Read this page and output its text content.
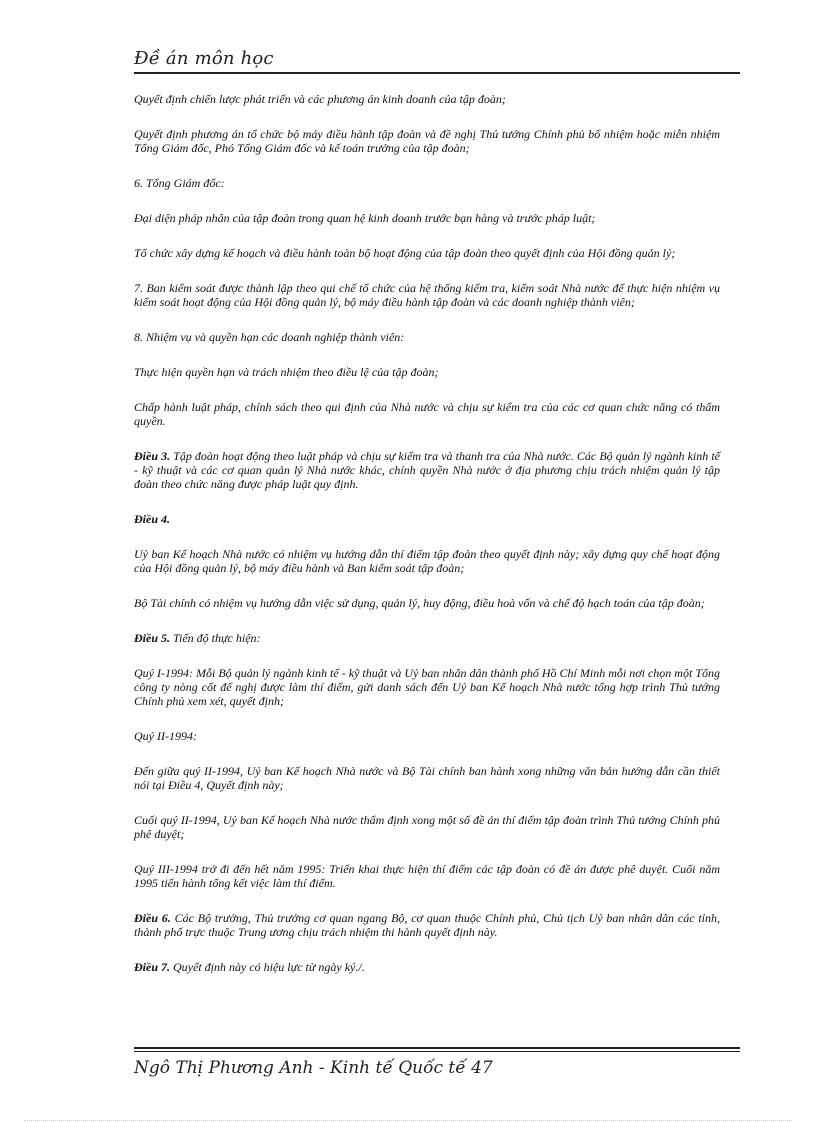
Đề án môn học

Quyết định chiến lược phát triển và các phương án kinh doanh của tập đoàn;

Quyết định phương án tổ chức bộ máy điều hành tập đoàn và đề nghị Thủ tướng Chính phủ bổ nhiệm hoặc miễn nhiệm Tổng Giám đốc, Phó Tổng Giám đốc và kế toán trưởng của tập đoàn;

6. Tổng Giám đốc:

Đại diện pháp nhân của tập đoàn trong quan hệ kinh doanh trước bạn hàng và trước pháp luật;

Tổ chức xây dựng kế hoạch và điều hành toàn bộ hoạt động của tập đoàn theo quyết định của Hội đồng quản lý;

7. Ban kiểm soát được thành lập theo qui chế tổ chức của hệ thống kiểm tra, kiểm soát Nhà nước để thực hiện nhiệm vụ kiểm soát hoạt động của Hội đồng quản lý, bộ máy điều hành tập đoàn và các doanh nghiệp thành viên;

8. Nhiệm vụ và quyền hạn các doanh nghiệp thành viên:

Thực hiện quyền hạn và trách nhiệm theo điều lệ của tập đoàn;

Chấp hành luật pháp, chính sách theo qui định của Nhà nước và chịu sự kiểm tra của các cơ quan chức năng có thẩm quyền.

Điều 3. Tập đoàn hoạt động theo luật pháp và chịu sự kiểm tra và thanh tra của Nhà nước. Các Bộ quản lý ngành kinh tế - kỹ thuật và các cơ quan quản lý Nhà nước khác, chính quyền Nhà nước ở địa phương chịu trách nhiệm quản lý tập đoàn theo chức năng được pháp luật quy định.

Điều 4.

Uỷ ban Kế hoạch Nhà nước có nhiệm vụ hướng dẫn thí điểm tập đoàn theo quyết định này; xây dựng quy chế hoạt động của Hội đồng quản lý, bộ máy điều hành và Ban kiểm soát tập đoàn;

Bộ Tài chính có nhiệm vụ hướng dẫn việc sử dụng, quản lý, huy động, điều hoà vốn và chế độ hạch toán của tập đoàn;

Điều 5. Tiến độ thực hiện:

Quý I-1994: Mỗi Bộ quản lý ngành kinh tế - kỹ thuật và Uỷ ban nhân dân thành phố Hồ Chí Minh mỗi nơi chọn một Tổng công ty nòng cốt để nghị được làm thí điểm, gửi danh sách đến Uỷ ban Kế hoạch Nhà nước tổng hợp trình Thủ tướng Chính phủ xem xét, quyết định;

Quý II-1994:

Đến giữa quý II-1994, Uỷ ban Kế hoạch Nhà nước và Bộ Tài chính ban hành xong những văn bản hướng dẫn cần thiết nói tại Điều 4, Quyết định này;

Cuối quý II-1994, Uỷ ban Kế hoạch Nhà nước thẩm định xong một số đề án thí điểm tập đoàn trình Thủ tướng Chính phủ phê duyệt;

Quý III-1994 trở đi đến hết năm 1995: Triển khai thực hiện thí điểm các tập đoàn có đề án được phê duyệt. Cuối năm 1995 tiến hành tổng kết việc làm thí điểm.

Điều 6. Các Bộ trưởng, Thủ trưởng cơ quan ngang Bộ, cơ quan thuộc Chính phủ, Chủ tịch Uỷ ban nhân dân các tỉnh, thành phố trực thuộc Trung ương chịu trách nhiệm thi hành quyết định này.

Điều 7. Quyết định này có hiệu lực từ ngày ký./.

Ngô Thị Phương Anh - Kinh tế Quốc tế 47
